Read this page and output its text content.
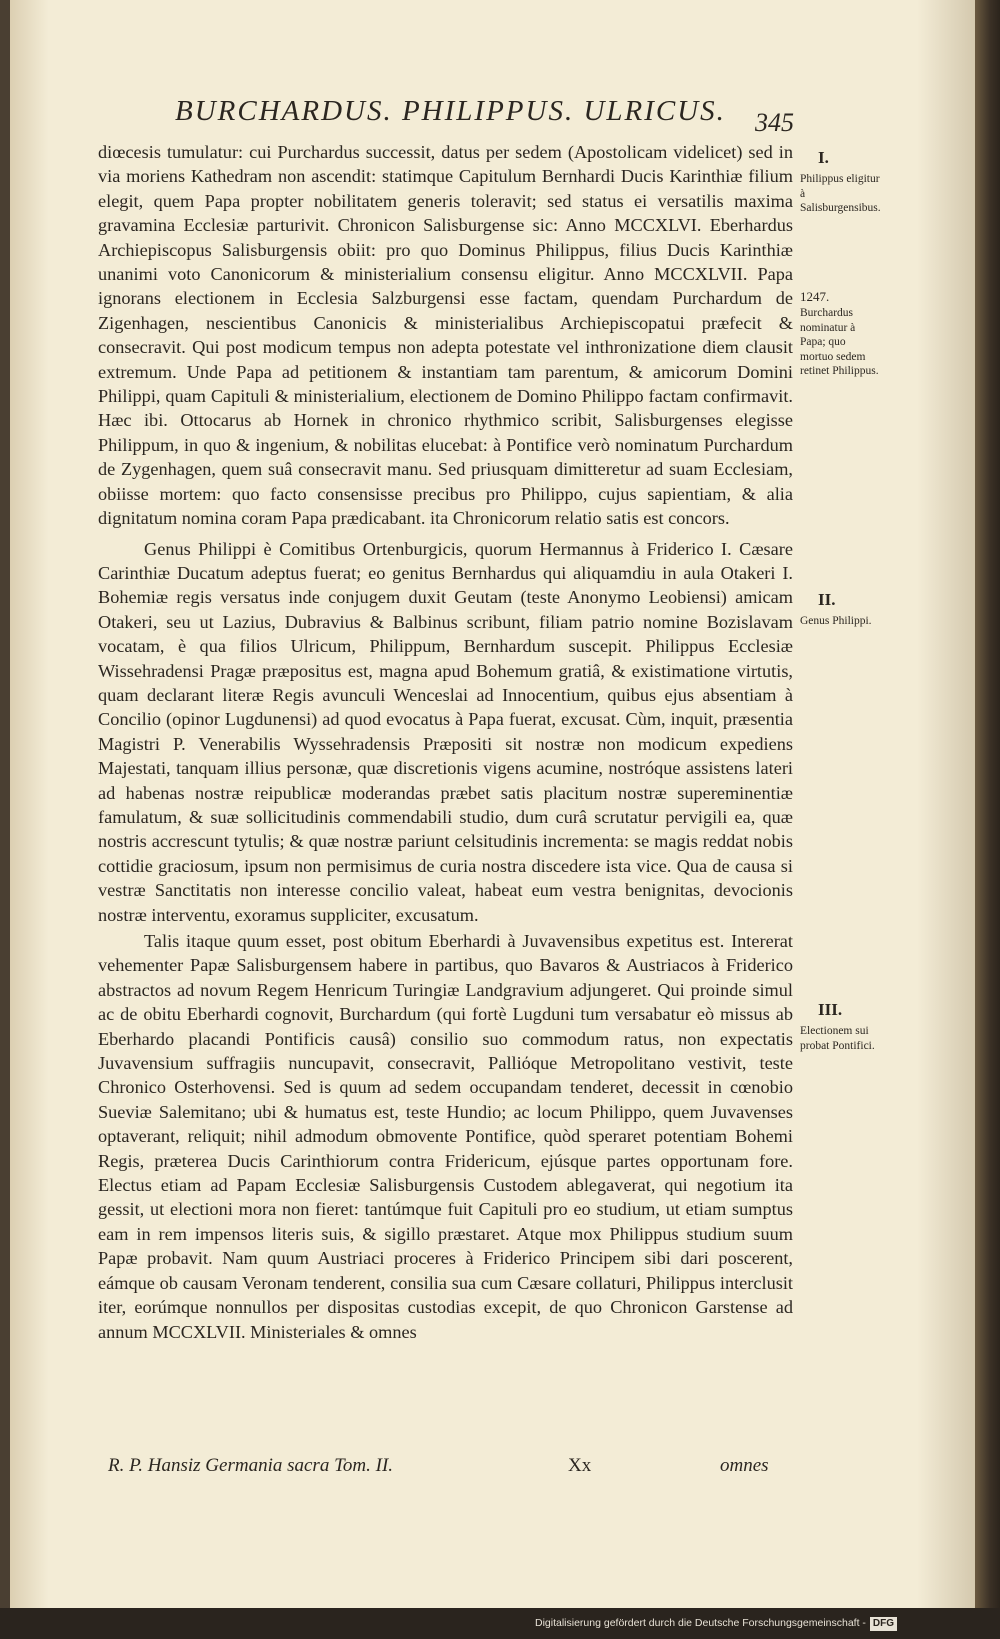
BURCHARDUS. PHILIPPUS. ULRICUS. 345

diœcesis tumulatur: cui Purchardus successit, datus per sedem (Apostolicam videlicet) sed in via moriens Kathedram non ascendit: statimque Capitulum Bernhardi Ducis Karinthiæ filium elegit, quem Papa propter nobilitatem generis toleravit; sed status ei versatilis maxima gravamina Ecclesiæ parturivit. Chronicon Salisburgense sic: Anno MCCXLVI. Eberhardus Archiepiscopus Salisburgensis obiit: pro quo Dominus Philippus, filius Ducis Karinthiæ unanimi voto Canonicorum & ministerialium consensu eligitur. Anno MCCXLVII. Papa ignorans electionem in Ecclesia Salzburgensi esse factam, quendam Purchardum de Zigenhagen, nescientibus Canonicis & ministerialibus Archiepiscopatui præfecit & consecravit. Qui post modicum tempus non adepta potestate vel inthronizatione diem clausit extremum. Unde Papa ad petitionem & instantiam tam parentum, & amicorum Domini Philippi, quam Capituli & ministerialium, electionem de Domino Philippo factam confirmavit. Hæc ibi. Ottocarus ab Hornek in chronico rhythmico scribit, Salisburgenses elegisse Philippum, in quo & ingenium, & nobilitas elucebat: à Pontifice verò nominatum Purchardum de Zygenhagen, quem suâ consecravit manu. Sed priusquam dimitteretur ad suam Ecclesiam, obiisse mortem: quo facto consensisse precibus pro Philippo, cujus sapientiam, & alia dignitatum nomina coram Papa prædicabant. ita Chronicorum relatio satis est concors.

Genus Philippi è Comitibus Ortenburgicis, quorum Hermannus à Friderico I. Cæsare Carinthiæ Ducatum adeptus fuerat; eo genitus Bernhardus qui aliquamdiu in aula Otakeri I. Bohemiæ regis versatus inde conjugem duxit Geutam (teste Anonymo Leobiensi) amicam Otakeri, seu ut Lazius, Dubravius & Balbinus scribunt, filiam patrio nomine Bozislavam vocatam, è qua filios Ulricum, Philippum, Bernhardum suscepit. Philippus Ecclesiæ Wissehradensi Pragæ præpositus est, magna apud Bohemum gratiâ, & existimatione virtutis, quam declarant literæ Regis avunculi Wenceslai ad Innocentium, quibus ejus absentiam à Concilio (opinor Lugdunensi) ad quod evocatus à Papa fuerat, excusat. Cùm, inquit, præsentia Magistri P. Venerabilis Wyssehradensis Præpositi sit nostræ non modicum expediens Majestati, tanquam illius personæ, quæ discretionis vigens acumine, nostróque assistens lateri ad habenas nostræ reipublicæ moderandas præbet satis placitum nostræ supereminentiæ famulatum, & suæ sollicitudinis commendabili studio, dum curâ scrutatur pervigili ea, quæ nostris accrescunt tytulis; & quæ nostræ pariunt celsitudinis incrementa: se magis reddat nobis cottidie graciosum, ipsum non permisimus de curia nostra discedere ista vice. Qua de causa si vestræ Sanctitatis non interesse concilio valeat, habeat eum vestra benignitas, devocionis nostræ interventu, exoramus suppliciter, excusatum.

Talis itaque quum esset, post obitum Eberhardi à Juvavensibus expetitus est. Intererat vehementer Papæ Salisburgensem habere in partibus, quo Bavaros & Austriacos à Friderico abstractos ad novum Regem Henricum Turingiæ Landgravium adjungeret. Qui proinde simul ac de obitu Eberhardi cognovit, Burchardum (qui fortè Lugduni tum versabatur eò missus ab Eberhardo placandi Pontificis causâ) consilio suo commodum ratus, non expectatis Juvavensium suffragiis nuncupavit, consecravit, Palliόque Metropolitano vestivit, teste Chronico Osterhovensi. Sed is quum ad sedem occupandam tenderet, decessit in cœnobio Sueviæ Salemitano; ubi & humatus est, teste Hundio; ac locum Philippo, quem Juvavenses optaverant, reliquit; nihil admodum obmovente Pontifice, quòd speraret potentiam Bohemi Regis, præterea Ducis Carinthiorum contra Fridericum, ejúsque partes opportunam fore. Electus etiam ad Papam Ecclesiæ Salisburgensis Custodem ablegaverat, qui negotium ita gessit, ut electioni mora non fieret: tantúmque fuit Capituli pro eo studium, ut etiam sumptus eam in rem impensos literis suis, & sigillo præstaret. Atque mox Philippus studium suum Papæ probavit. Nam quum Austriaci proceres à Friderico Principem sibi dari poscerent, eámque ob causam Veronam tenderent, consilia sua cum Cæsare collaturi, Philippus interclusit iter, eorúmque nonnullos per dispositas custodias excepit, de quo Chronicon Garstense ad annum MCCXLVII. Ministeriales & omnes

I.
Philippus eligitur à Salisburgensibus.
1247.
Burchardus nominatur à Papa; quo mortuo sedem retinet Philippus.
II.
Genus Philippi.
III.
Electionem sui probat Pontifici.
R. P. Hansiz Germania sacra Tom. II.	Xx	omnes
Digitalisierung gefördert durch die Deutsche Forschungsgemeinschaft - DFG
